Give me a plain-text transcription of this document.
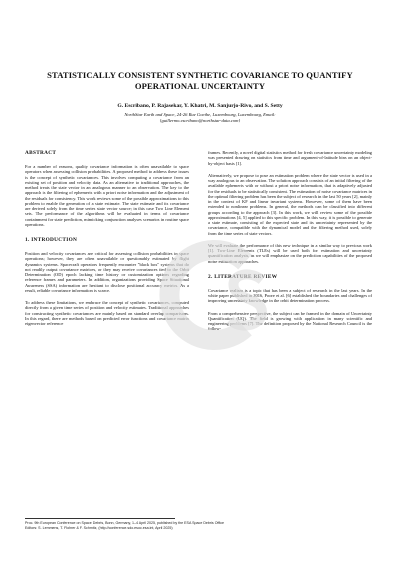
STATISTICALLY CONSISTENT SYNTHETIC COVARIANCE TO QUANTIFY
OPERATIONAL UNCERTAINTY
G. Escribano, P. Rajasekar, Y. Khatri, M. Sanjurjo-Rivo, and S. Setty
NorthStar Earth and Space, 24-26 Rue Goethe, Luxembourg, Luxembourg, Email:
{guillermo.escribano@northstar-data.com}

ABSTRACT

For a number of reasons, quality covariance information is often unavailable to space operators when assessing collision probabilities. A proposed method to address these issues is the concept of synthetic covariances. This involves computing a covariance from an existing set of position and velocity data. As an alternative to traditional approaches, the method treats the state vector in an analogous manner to an observation. The key to the approach is the filtering of ephemeris with a priori noise information and the adjustment of the residuals for consistency. This work reviews some of the possible approximations to this problem to enable the generation of a state estimate. The state estimate and its covariance are derived solely from the time series state vector source; in this case Two Line Element sets. The performance of the algorithms will be evaluated in terms of covariance containment for state prediction, mimicking conjunction analyses scenarios in routine space operations.

1. INTRODUCTION

Position and velocity covariances are critical for assessing collision probabilities in space operations; however, they are often unavailable or questionably estimated by flight dynamics systems. Spacecraft operators frequently encounter "black box" systems that do not readily output covariance matrices, or they may receive covariances tied to the Orbit Determination (OD) epoch lacking time history or customization options regarding reference frames and parameters. In addition, organizations providing Space Situational Awareness (SSA) information are hesitant to disclose positional accuracy metrics. As a result, reliable covariance information is scarce.

To address these limitations, we embrace the concept of synthetic covariances, computed directly from a given time series of position and velocity estimates. Traditional approaches for constructing synthetic covariances are mainly based on standard overlap comparisons. In this regard, there are methods based on predicted error functions and covariance matrix eigenvector reference

frames. Recently, a novel digital statistics method for fresh covariance uncertainty modeling was presented drawing on statistics from time and argument-of-latitude bins on an object-by-object basis [1].

Alternatively, we propose to pose an estimation problem where the state vector is used in a way analogous to an observation. The solution approach consists of an initial filtering of the available ephemeris with or without a priori noise information, that is adaptively adjusted for the residuals to be statistically consistent. The estimation of noise covariance matrices in the optimal filtering problem has been the subject of research in the last 50 years [2], mainly in the context of KF and linear invariant systems. However, some of them have been extended to nonlinear problems. In general, the methods can be classified into different groups according to the approach [3]. In this work, we will review some of the possible approximations [4, 5] applied to this specific problem. In this way, it is possible to generate a state estimate, consisting of the expected state and its uncertainty represented by the covariance, compatible with the dynamical model and the filtering method used, solely from the time series of state vectors.

We will evaluate the performance of this new technique in a similar way to previous work [1]. Two-Line Elements (TLEs) will be used both for estimation and uncertainty quantification analysis, as we will emphasize on the prediction capabilities of the proposed noise estimation approaches.

2. LITERATURE REVIEW

Covariance realism is a topic that has been a subject of research in the last years. In the white paper published in 2016, Poore et al. [6] established the boundaries and challenges of improving uncertainty knowledge in the orbit determination process.

From a comprehensive perspective, the subject can be framed in the domain of Uncertainty Quantification (UQ). The field is growing with application in many scientific and engineering problems [7]. The definition proposed by the National Research Council is the follow-

Proc. 9th European Conference on Space Debris, Bonn, Germany, 1–4 April 2025, published by the ESA Space Debris Office
Editors: S. Lemmens, T. Flohrer & F. Schmitz, (http://conference.sdo.esoc.esa.int, April 2025)
